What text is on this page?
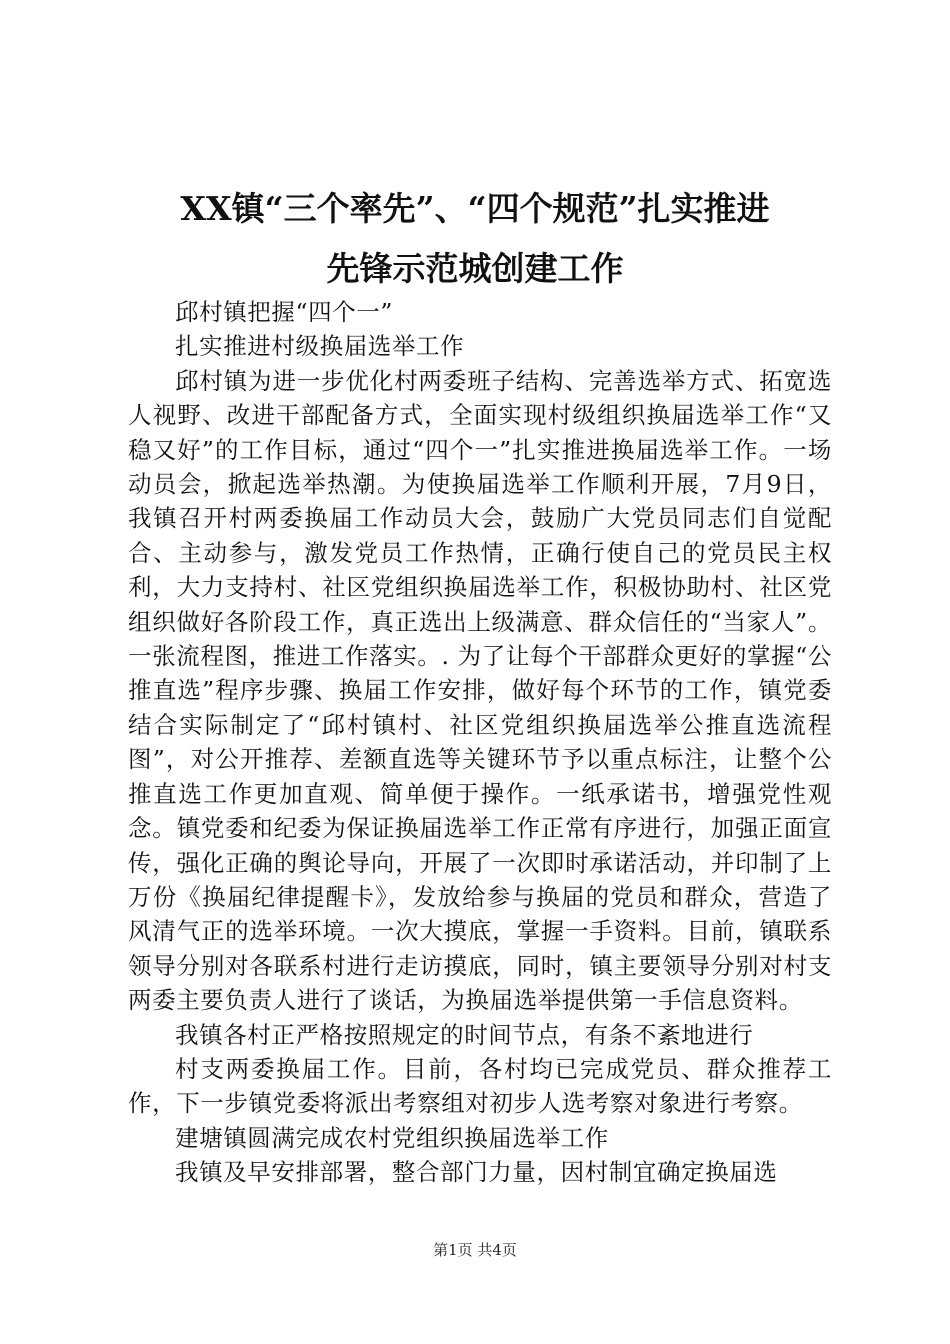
XX镇“三个率先”、“四个规范”扎实推进
先锋示范城创建工作

邱村镇把握“四个一”

扎实推进村级换届选举工作

邱村镇为进一步优化村两委班子结构、完善选举方式、拓宽选人视野、改进干部配备方式，全面实现村级组织换届选举工作“又稳又好”的工作目标，通过“四个一”扎实推进换届选举工作。一场动员会，掀起选举热潮。为使换届选举工作顺利开展，7月9日，我镇召开村两委换届工作动员大会，鼓励广大党员同志们自觉配合、主动参与，激发党员工作热情，正确行使自己的党员民主权利，大力支持村、社区党组织换届选举工作，积极协助村、社区党组织做好各阶段工作，真正选出上级满意、群众信任的“当家人”。一张流程图，推进工作落实。. 为了让每个干部群众更好的掌握“公推直选”程序步骤、换届工作安排，做好每个环节的工作，镇党委结合实际制定了“邱村镇村、社区党组织换届选举公推直选流程图”，对公开推荐、差额直选等关键环节予以重点标注，让整个公推直选工作更加直观、简单便于操作。一纸承诺书，增强党性观念。镇党委和纪委为保证换届选举工作正常有序进行，加强正面宣传，强化正确的舆论导向，开展了一次即时承诺活动，并印制了上万份《换届纪律提醒卡》，发放给参与换届的党员和群众，营造了风清气正的选举环境。一次大摸底，掌握一手资料。目前，镇联系领导分别对各联系村进行走访摸底，同时，镇主要领导分别对村支两委主要负责人进行了谈话，为换届选举提供第一手信息资料。

我镇各村正严格按照规定的时间节点，有条不紊地进行

村支两委换届工作。目前，各村均已完成党员、群众推荐工作，下一步镇党委将派出考察组对初步人选考察对象进行考察。

建塘镇圆满完成农村党组织换届选举工作

我镇及早安排部署，整合部门力量，因村制宜确定换届选

第1页 共4页
